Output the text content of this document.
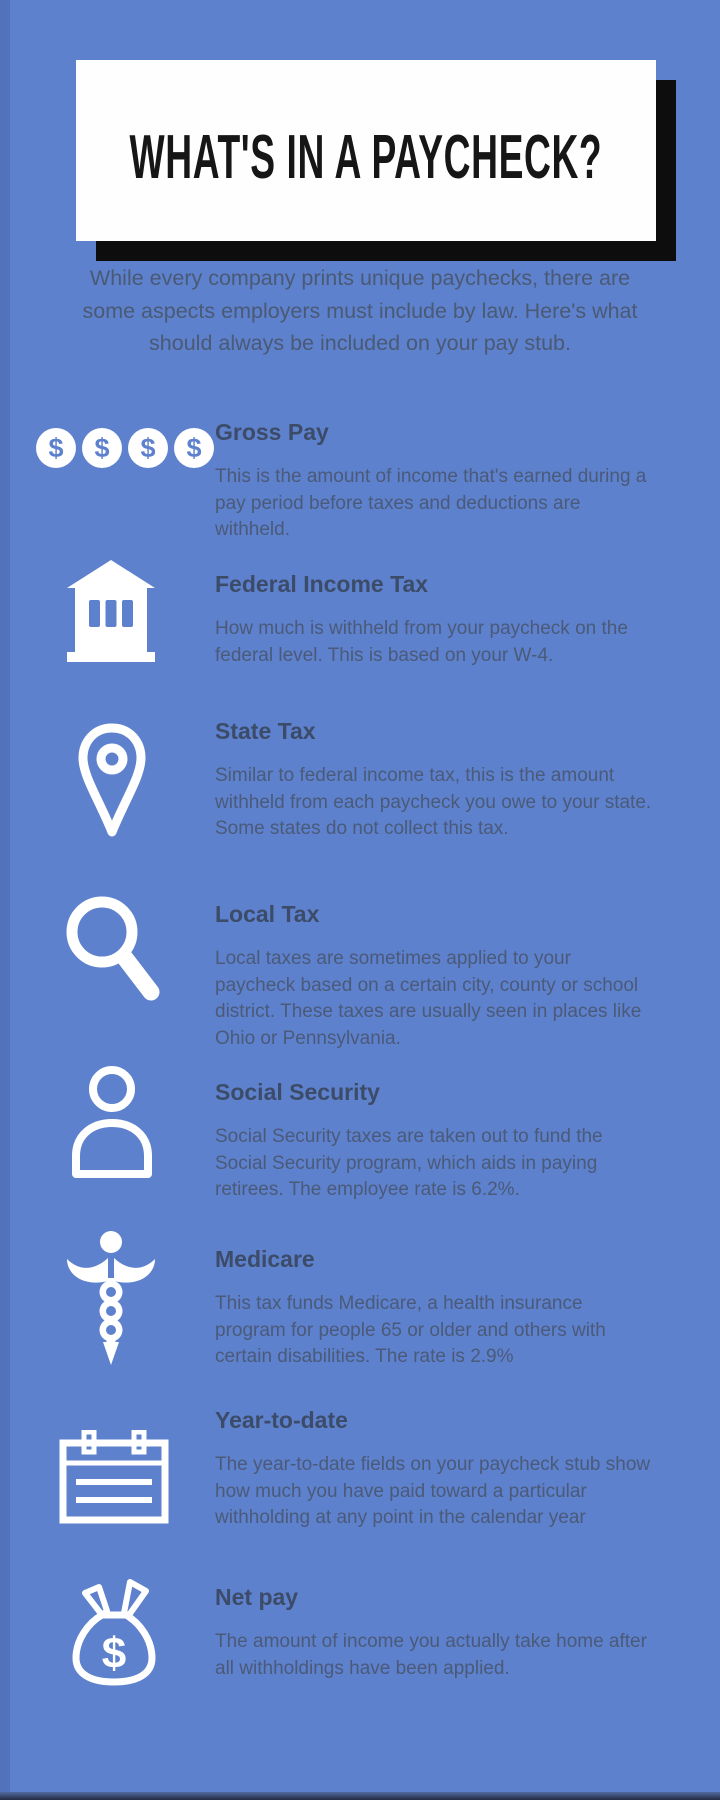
WHAT'S IN A PAYCHECK?

While every company prints unique paychecks, there are some aspects employers must include by law. Here's what should always be included on your pay stub.

$	$	$	$
Gross Pay

This is the amount of income that's earned during a pay period before taxes and deductions are withheld.

Federal Income Tax

How much is withheld from your paycheck on the federal level. This is based on your W-4.

State Tax

Similar to federal income tax, this is the amount withheld from each paycheck you owe to your state. Some states do not collect this tax.

Local Tax

Local taxes are sometimes applied to your paycheck based on a certain city, county or school district. These taxes are usually seen in places like Ohio or Pennsylvania.

Social Security

Social Security taxes are taken out to fund the Social Security program, which aids in paying retirees. The employee rate is 6.2%.

Medicare

This tax funds Medicare, a health insurance program for people 65 or older and others with certain disabilities. The rate is 2.9%

Year-to-date

The year-to-date fields on your paycheck stub show how much you have paid toward a particular withholding at any point in the calendar year

$
Net pay

The amount of income you actually take home after all withholdings have been applied.
